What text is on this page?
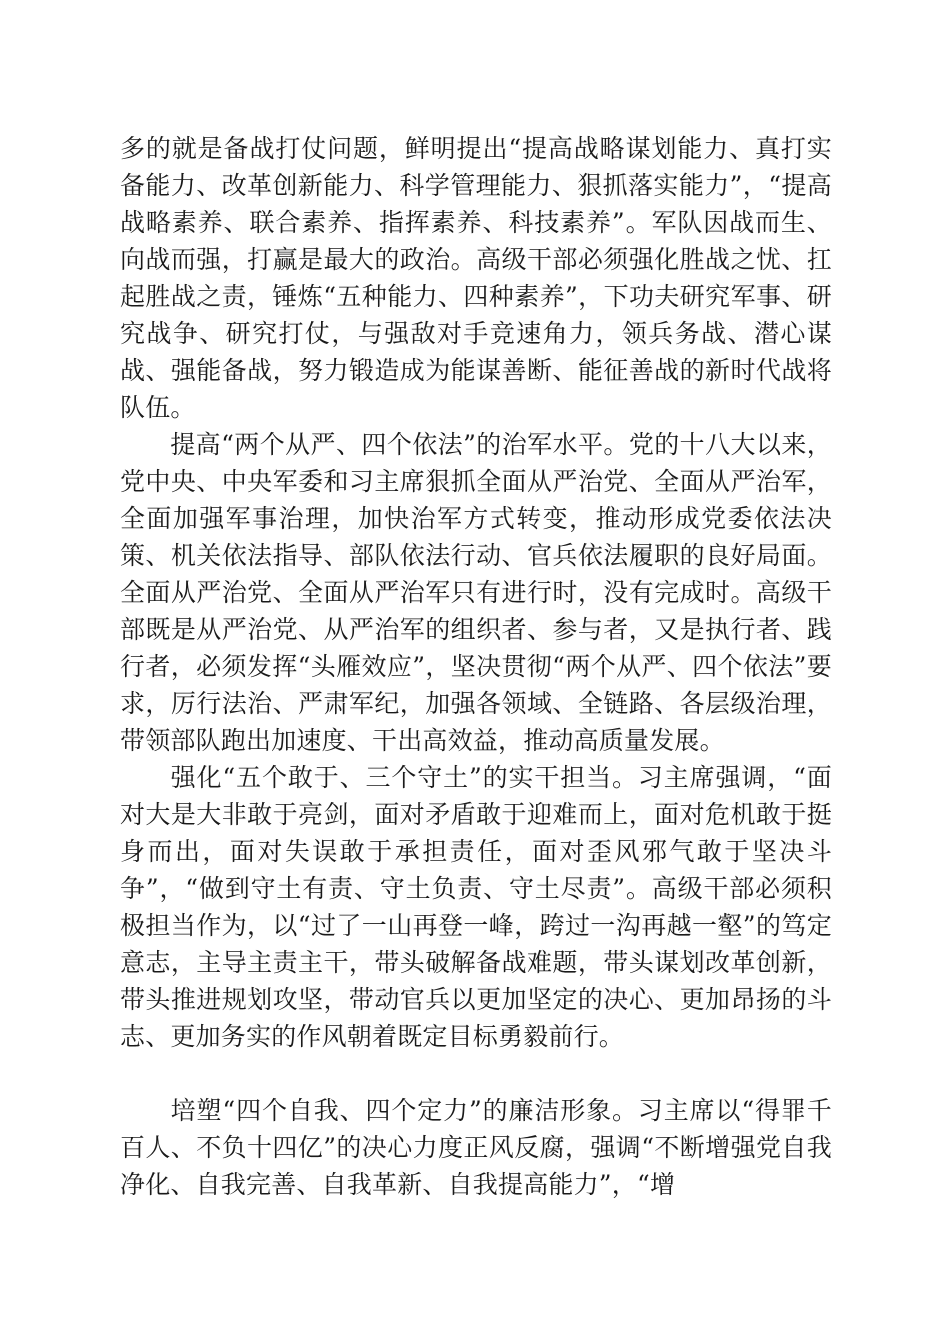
多的就是备战打仗问题，鲜明提出“提高战略谋划能力、真打实备能力、改革创新能力、科学管理能力、狠抓落实能力”，“提高战略素养、联合素养、指挥素养、科技素养”。军队因战而生、向战而强，打赢是最大的政治。高级干部必须强化胜战之忧、扛起胜战之责，锤炼“五种能力、四种素养”，下功夫研究军事、研究战争、研究打仗，与强敌对手竞速角力，领兵务战、潜心谋战、强能备战，努力锻造成为能谋善断、能征善战的新时代战将队伍。

提高“两个从严、四个依法”的治军水平。党的十八大以来，党中央、中央军委和习主席狠抓全面从严治党、全面从严治军，全面加强军事治理，加快治军方式转变，推动形成党委依法决策、机关依法指导、部队依法行动、官兵依法履职的良好局面。全面从严治党、全面从严治军只有进行时，没有完成时。高级干部既是从严治党、从严治军的组织者、参与者，又是执行者、践行者，必须发挥“头雁效应”，坚决贯彻“两个从严、四个依法”要求，厉行法治、严肃军纪，加强各领域、全链路、各层级治理，带领部队跑出加速度、干出高效益，推动高质量发展。

强化“五个敢于、三个守土”的实干担当。习主席强调，“面对大是大非敢于亮剑，面对矛盾敢于迎难而上，面对危机敢于挺身而出，面对失误敢于承担责任，面对歪风邪气敢于坚决斗争”，“做到守土有责、守土负责、守土尽责”。高级干部必须积极担当作为，以“过了一山再登一峰，跨过一沟再越一壑”的笃定意志，主导主责主干，带头破解备战难题，带头谋划改革创新，带头推进规划攻坚，带动官兵以更加坚定的决心、更加昂扬的斗志、更加务实的作风朝着既定目标勇毅前行。

培塑“四个自我、四个定力”的廉洁形象。习主席以“得罪千百人、不负十四亿”的决心力度正风反腐，强调“不断增强党自我净化、自我完善、自我革新、自我提高能力”，“增
